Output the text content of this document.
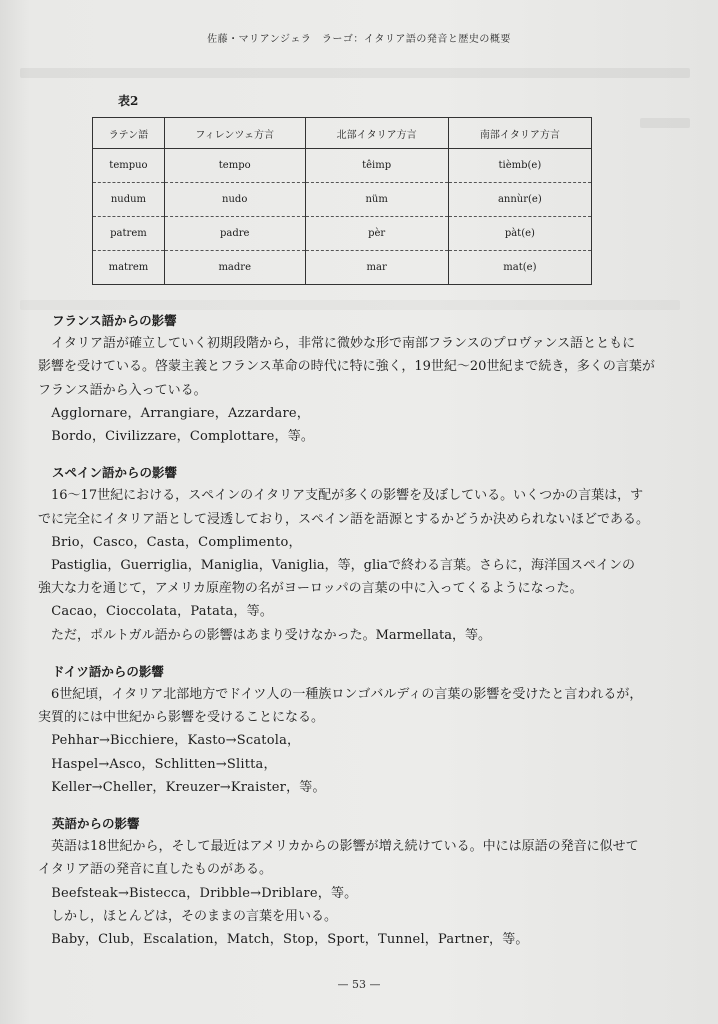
佐藤・マリアンジェラ　ラーゴ：イタリア語の発音と歴史の概要
表2
ラテン語	フィレンツェ方言	北部イタリア方言	南部イタリア方言
tempuo	tempo	têimp	tièmb(e)
nudum	nudo	nüm	annùr(e)
patrem	padre	pèr	pàt(e)
matrem	madre	mar	mat(e)
フランス語からの影響
　イタリア語が確立していく初期段階から，非常に微妙な形で南部フランスのプロヴァンス語とともに
影響を受けている。啓蒙主義とフランス革命の時代に特に強く，19世紀～20世紀まで続き，多くの言葉が
フランス語から入っている。
　Agglornare，Arrangiare，Azzardare，
　Bordo，Civilizzare，Complottare，等。
スペイン語からの影響
　16～17世紀における，スペインのイタリア支配が多くの影響を及ぼしている。いくつかの言葉は，す
でに完全にイタリア語として浸透しており，スペイン語を語源とするかどうか決められないほどである。
　Brio，Casco，Casta，Complimento，
　Pastiglia，Guerriglia，Maniglia，Vaniglia，等，gliaで終わる言葉。さらに，海洋国スペインの
強大な力を通じて，アメリカ原産物の名がヨーロッパの言葉の中に入ってくるようになった。
　Cacao，Cioccolata，Patata，等。
　ただ，ポルトガル語からの影響はあまり受けなかった。Marmellata，等。
ドイツ語からの影響
　6世紀頃，イタリア北部地方でドイツ人の一種族ロンゴバルディの言葉の影響を受けたと言われるが，
実質的には中世紀から影響を受けることになる。
　Pehhar→Bicchiere，Kasto→Scatola，
　Haspel→Asco，Schlitten→Slitta，
　Keller→Cheller，Kreuzer→Kraister，等。
英語からの影響
　英語は18世紀から，そして最近はアメリカからの影響が増え続けている。中には原語の発音に似せて
イタリア語の発音に直したものがある。
　Beefsteak→Bistecca，Dribble→Driblare，等。
　しかし，ほとんどは，そのままの言葉を用いる。
　Baby，Club，Escalation，Match，Stop，Sport，Tunnel，Partner，等。
— 53 —
